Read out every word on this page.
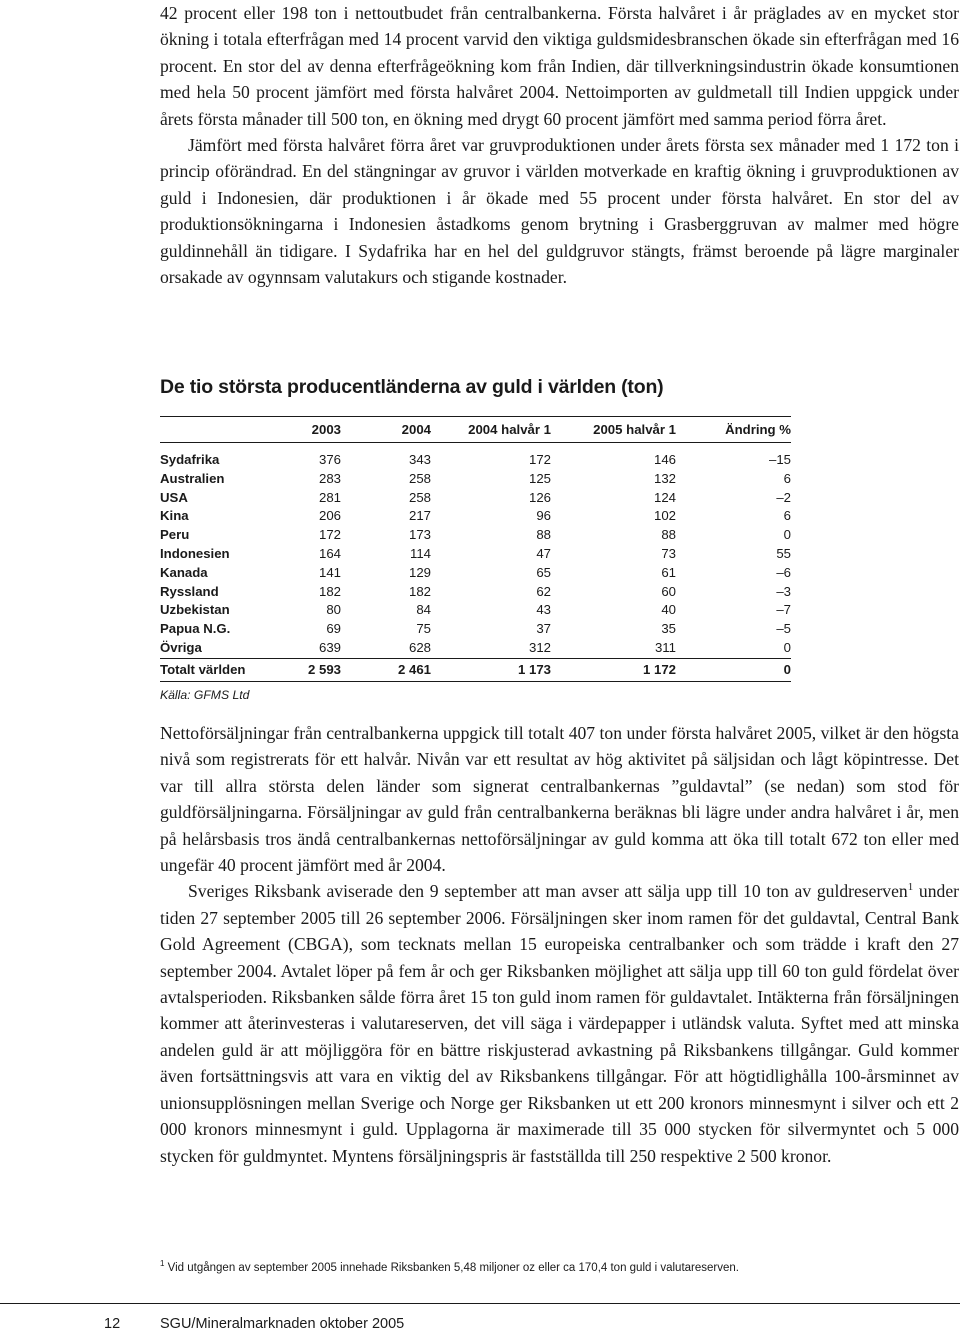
42 procent eller 198 ton i nettoutbudet från centralbankerna. Första halvåret i år präglades av en mycket stor ökning i totala efterfrågan med 14 procent varvid den viktiga guldsmidesbranschen ökade sin efterfrågan med 16 procent. En stor del av denna efterfrågeökning kom från Indien, där tillverkningsindustrin ökade konsumtionen med hela 50 procent jämfört med första halvåret 2004. Nettoimporten av guldmetall till Indien uppgick under årets första månader till 500 ton, en ökning med drygt 60 procent jämfört med samma period förra året.

Jämfört med första halvåret förra året var gruvproduktionen under årets första sex månader med 1 172 ton i princip oförändrad. En del stängningar av gruvor i världen motverkade en kraftig ökning i gruvproduktionen av guld i Indonesien, där produktionen i år ökade med 55 procent under första halvåret. En stor del av produktionsökningarna i Indonesien åstadkoms genom brytning i Grasberggruvan av malmer med högre guldinnehåll än tidigare. I Sydafrika har en hel del guldgruvor stängts, främst beroende på lägre marginaler orsakade av ogynnsam valutakurs och stigande kostnader.

De tio största producentländerna av guld i världen (ton)
	2003	2004	2004 halvår 1	2005 halvår 1	Ändring %
Sydafrika	376	343	172	146	–15
Australien	283	258	125	132	6
USA	281	258	126	124	–2
Kina	206	217	96	102	6
Peru	172	173	88	88	0
Indonesien	164	114	47	73	55
Kanada	141	129	65	61	–6
Ryssland	182	182	62	60	–3
Uzbekistan	80	84	43	40	–7
Papua N.G.	69	75	37	35	–5
Övriga	639	628	312	311	0
Totalt världen	2 593	2 461	1 173	1 172	0
Källa: GFMS Ltd

Nettoförsäljningar från centralbankerna uppgick till totalt 407 ton under första halvåret 2005, vilket är den högsta nivå som registrerats för ett halvår. Nivån var ett resultat av hög aktivitet på säljsidan och lågt köpintresse. Det var till allra största delen länder som signerat centralbankernas ”guldavtal” (se nedan) som stod för guldförsäljningarna. Försäljningar av guld från centralbankerna beräknas bli lägre under andra halvåret i år, men på helårsbasis tros ändå centralbankernas nettoförsäljningar av guld komma att öka till totalt 672 ton eller med ungefär 40 procent jämfört med år 2004.

Sveriges Riksbank aviserade den 9 september att man avser att sälja upp till 10 ton av guldreserven$^1$ under tiden 27 september 2005 till 26 september 2006. Försäljningen sker inom ramen för det guldavtal, Central Bank Gold Agreement (CBGA), som tecknats mellan 15 europeiska centralbanker och som trädde i kraft den 27 september 2004. Avtalet löper på fem år och ger Riksbanken möjlighet att sälja upp till 60 ton guld fördelat över avtalsperioden. Riksbanken sålde förra året 15 ton guld inom ramen för guldavtalet. Intäkterna från försäljningen kommer att återinvesteras i valutareserven, det vill säga i värdepapper i utländsk valuta. Syftet med att minska andelen guld är att möjliggöra för en bättre riskjusterad avkastning på Riksbankens tillgångar. Guld kommer även fortsättningsvis att vara en viktig del av Riksbankens tillgångar. För att högtidlighålla 100-årsminnet av unionsupplösningen mellan Sverige och Norge ger Riksbanken ut ett 200 kronors minnesmynt i silver och ett 2 000 kronors minnesmynt i guld. Upplagorna är maximerade till 35 000 stycken för silvermyntet och 5 000 stycken för guldmyntet. Myntens försäljningspris är fastställda till 250 respektive 2 500 kronor.

$^1$ Vid utgången av september 2005 innehade Riksbanken 5,48 miljoner oz eller ca 170,4 ton guld i valutareserven.
12	SGU/Mineralmarknaden oktober 2005
